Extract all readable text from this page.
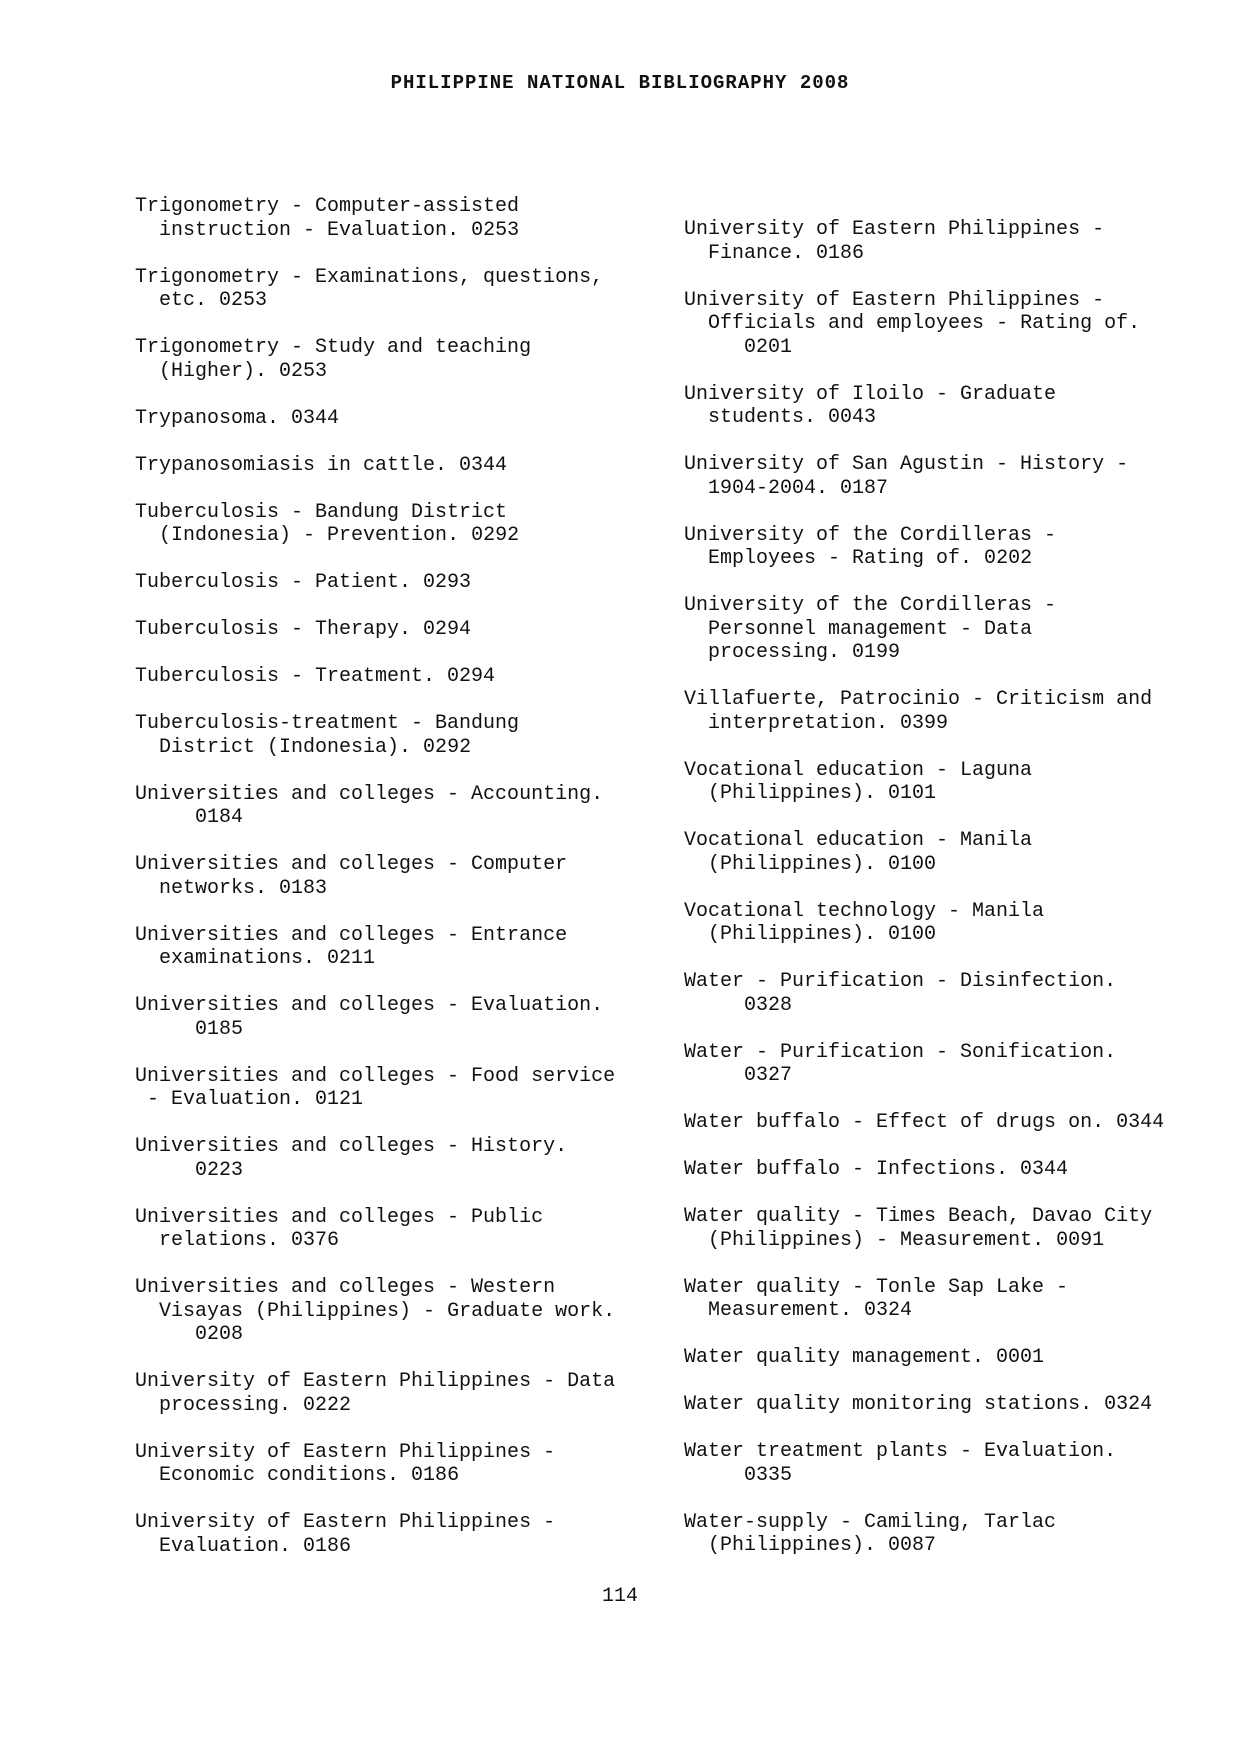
PHILIPPINE NATIONAL BIBLIOGRAPHY 2008
Trigonometry - Computer-assisted
instruction - Evaluation. 0253
Trigonometry - Examinations, questions,
etc. 0253
Trigonometry - Study and teaching
(Higher). 0253
Trypanosoma. 0344
Trypanosomiasis in cattle. 0344
Tuberculosis - Bandung District
(Indonesia) - Prevention. 0292
Tuberculosis - Patient. 0293
Tuberculosis - Therapy. 0294
Tuberculosis - Treatment. 0294
Tuberculosis-treatment - Bandung
District (Indonesia). 0292
Universities and colleges - Accounting.
0184
Universities and colleges - Computer
networks. 0183
Universities and colleges - Entrance
examinations. 0211
Universities and colleges - Evaluation.
0185
Universities and colleges - Food service
- Evaluation. 0121
Universities and colleges - History.
0223
Universities and colleges - Public
relations. 0376
Universities and colleges - Western
Visayas (Philippines) - Graduate work.
0208
University of Eastern Philippines - Data
processing. 0222
University of Eastern Philippines -
Economic conditions. 0186
University of Eastern Philippines -
Evaluation. 0186
University of Eastern Philippines -
Finance. 0186
University of Eastern Philippines -
Officials and employees - Rating of.
0201
University of Iloilo - Graduate
students. 0043
University of San Agustin - History -
1904-2004. 0187
University of the Cordilleras -
Employees - Rating of. 0202
University of the Cordilleras -
Personnel management - Data
processing. 0199
Villafuerte, Patrocinio - Criticism and
interpretation. 0399
Vocational education - Laguna
(Philippines). 0101
Vocational education - Manila
(Philippines). 0100
Vocational technology - Manila
(Philippines). 0100
Water - Purification - Disinfection.
0328
Water - Purification - Sonification.
0327
Water buffalo - Effect of drugs on. 0344
Water buffalo - Infections. 0344
Water quality - Times Beach, Davao City
(Philippines) - Measurement. 0091
Water quality - Tonle Sap Lake -
Measurement. 0324
Water quality management. 0001
Water quality monitoring stations. 0324
Water treatment plants - Evaluation.
0335
Water-supply - Camiling, Tarlac
(Philippines). 0087
114
